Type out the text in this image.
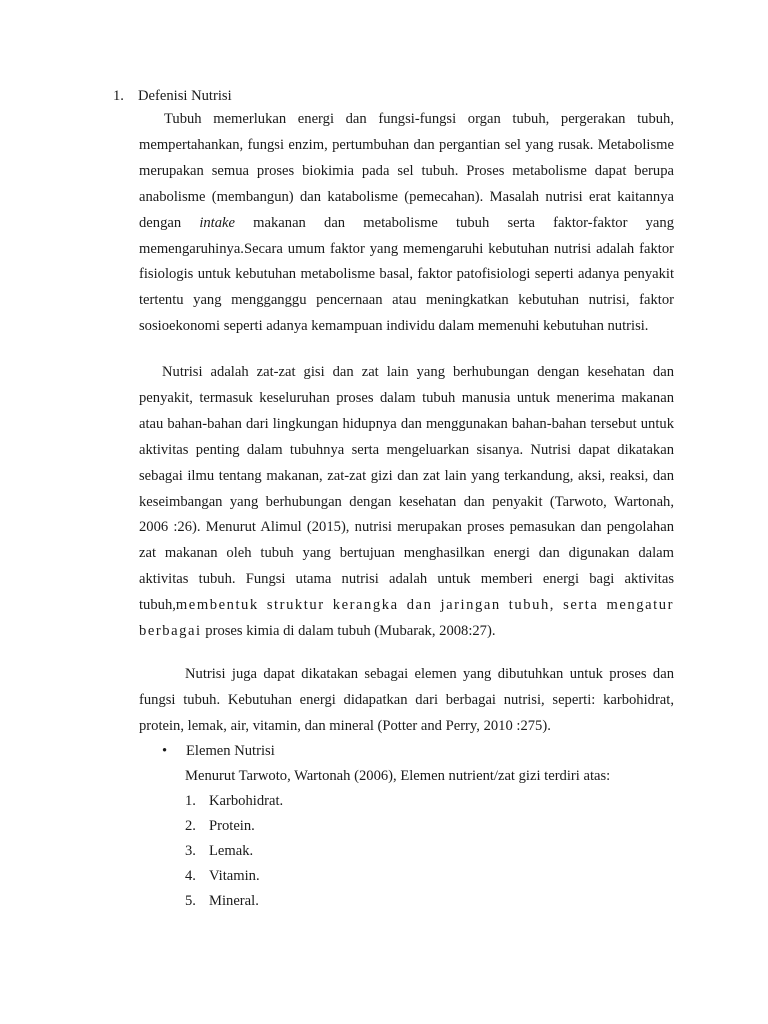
1. Defenisi Nutrisi

Tubuh memerlukan energi dan fungsi-fungsi organ tubuh, pergerakan tubuh, mempertahankan, fungsi enzim, pertumbuhan dan pergantian sel yang rusak. Metabolisme merupakan semua proses biokimia pada sel tubuh. Proses metabolisme dapat berupa anabolisme (membangun) dan katabolisme (pemecahan). Masalah nutrisi erat kaitannya dengan intake makanan dan metabolisme tubuh serta faktor-faktor yang memengaruhinya.Secara umum faktor yang memengaruhi kebutuhan nutrisi adalah faktor fisiologis untuk kebutuhan metabolisme basal, faktor patofisiologi seperti adanya penyakit tertentu yang mengganggu pencernaan atau meningkatkan kebutuhan nutrisi, faktor sosioekonomi seperti adanya kemampuan individu dalam memenuhi kebutuhan nutrisi.

Nutrisi adalah zat-zat gisi dan zat lain yang berhubungan dengan kesehatan dan penyakit, termasuk keseluruhan proses dalam tubuh manusia untuk menerima makanan atau bahan-bahan dari lingkungan hidupnya dan menggunakan bahan-bahan tersebut untuk aktivitas penting dalam tubuhnya serta mengeluarkan sisanya. Nutrisi dapat dikatakan sebagai ilmu tentang makanan, zat-zat gizi dan zat lain yang terkandung, aksi, reaksi, dan keseimbangan yang berhubungan dengan kesehatan dan penyakit (Tarwoto, Wartonah, 2006 :26). Menurut Alimul (2015), nutrisi merupakan proses pemasukan dan pengolahan zat makanan oleh tubuh yang bertujuan menghasilkan energi dan digunakan dalam aktivitas tubuh. Fungsi utama nutrisi adalah untuk memberi energi bagi aktivitas tubuh,membentuk struktur kerangka dan jaringan tubuh, serta mengatur berbagai proses kimia di dalam tubuh (Mubarak, 2008:27).

Nutrisi juga dapat dikatakan sebagai elemen yang dibutuhkan untuk proses dan fungsi tubuh. Kebutuhan energi didapatkan dari berbagai nutrisi, seperti: karbohidrat, protein, lemak, air, vitamin, dan mineral (Potter and Perry, 2010 :275).

• Elemen Nutrisi
Menurut Tarwoto, Wartonah (2006), Elemen nutrient/zat gizi terdiri atas:
1. Karbohidrat.
2. Protein.
3. Lemak.
4. Vitamin.
5. Mineral.
